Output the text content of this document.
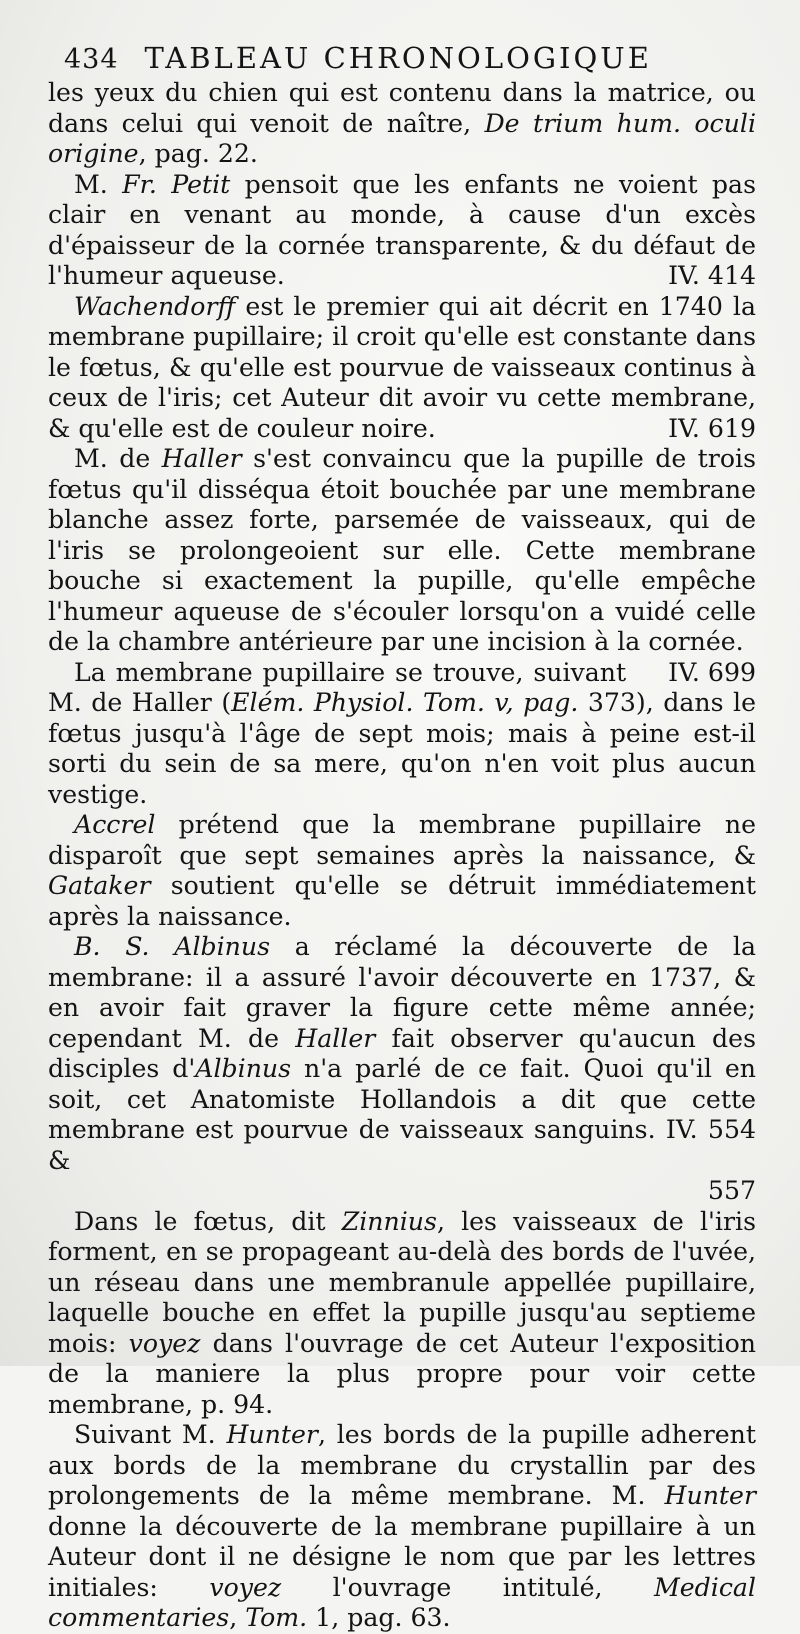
434 TABLEAU CHRONOLOGIQUE

les yeux du chien qui est contenu dans la matrice, ou dans celui qui venoit de naître, De trium hum. oculi origine, pag. 22.

M. Fr. Petit pensoit que les enfants ne voient pas clair en venant au monde, à cause d'un excès d'épaisseur de la cornée transparente, & du défaut de l'humeur aqueuse.	IV. 414

Wachendorff est le premier qui ait décrit en 1740 la membrane pupillaire; il croit qu'elle est constante dans le fœtus, & qu'elle est pourvue de vaisseaux continus à ceux de l'iris; cet Auteur dit avoir vu cette membrane, & qu'elle est de couleur noire.	IV. 619

M. de Haller s'est convaincu que la pupille de trois fœtus qu'il disséqua étoit bouchée par une membrane blanche assez forte, parsemée de vaisseaux, qui de l'iris se prolongeoient sur elle. Cette membrane bouche si exactement la pupille, qu'elle empêche l'humeur aqueuse de s'écouler lorsqu'on a vuidé celle de la chambre antérieure par une incision à la cornée.
IV. 699

La membrane pupillaire se trouve, suivant M. de Haller (Elém. Physiol. Tom. v, pag. 373), dans le fœtus jusqu'à l'âge de sept mois; mais à peine est-il sorti du sein de sa mere, qu'on n'en voit plus aucun vestige.

Accrel prétend que la membrane pupillaire ne disparoît que sept semaines après la naissance, & Gataker soutient qu'elle se détruit immédiatement après la naissance.

B. S. Albinus a réclamé la découverte de la membrane: il a assuré l'avoir découverte en 1737, & en avoir fait graver la figure cette même année; cependant M. de Haller fait observer qu'aucun des disciples d'Albinus n'a parlé de ce fait. Quoi qu'il en soit, cet Anatomiste Hollandois a dit que cette membrane est pourvue de vaisseaux sanguins. IV. 554 &

557

Dans le fœtus, dit Zinnius, les vaisseaux de l'iris forment, en se propageant au-delà des bords de l'uvée, un réseau dans une membranule appellée pupillaire, laquelle bouche en effet la pupille jusqu'au septieme mois: voyez dans l'ouvrage de cet Auteur l'exposition de la maniere la plus propre pour voir cette membrane, p. 94.

Suivant M. Hunter, les bords de la pupille adherent aux bords de la membrane du crystallin par des prolongements de la même membrane. M. Hunter donne la découverte de la membrane pupillaire à un Auteur dont il ne désigne le nom que par les lettres initiales: voyez l'ouvrage intitulé, Medical commentaries, Tom. 1, pag. 63.
